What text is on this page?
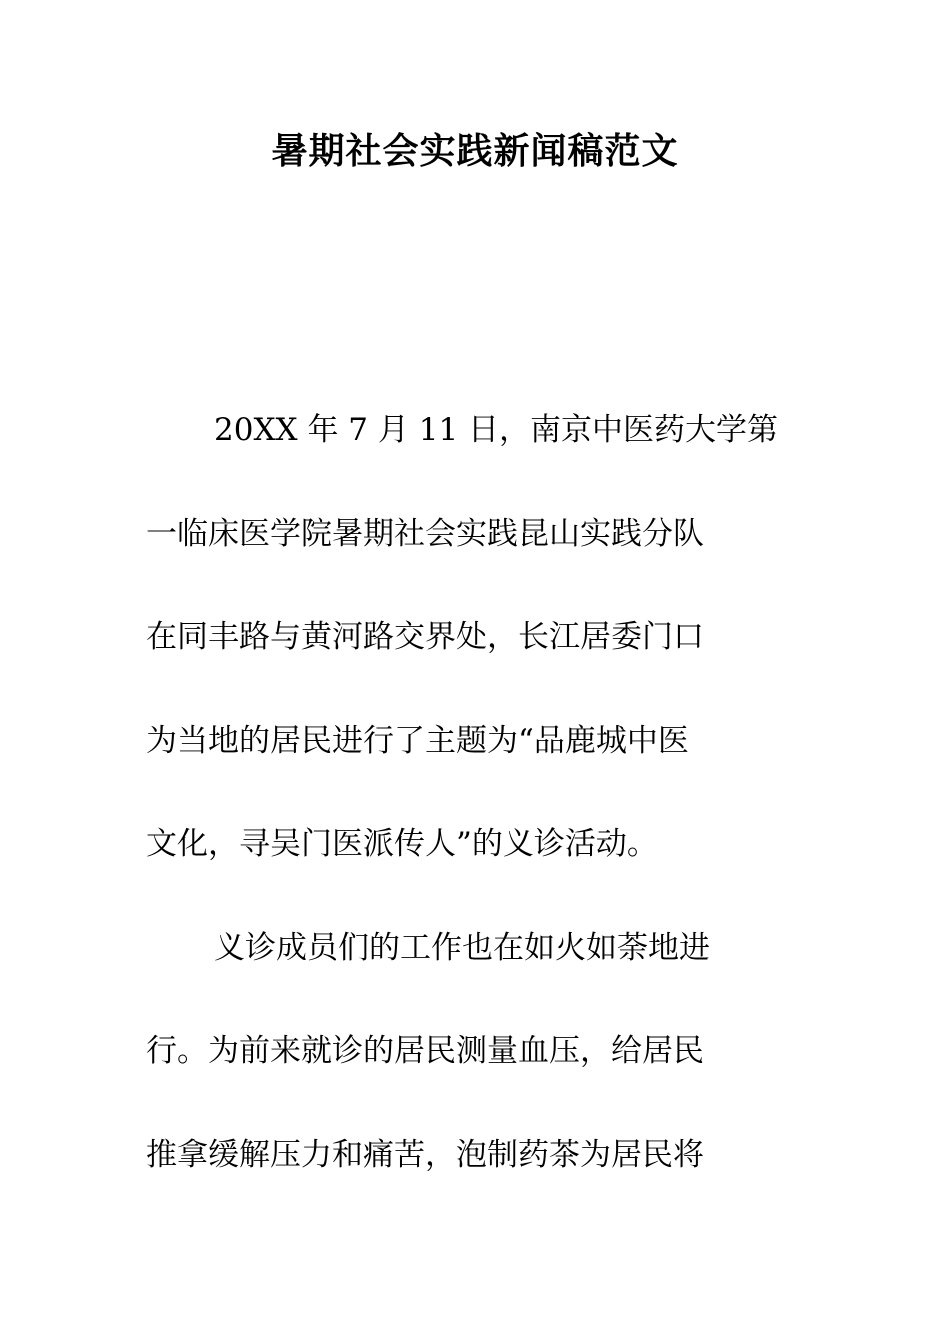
暑期社会实践新闻稿范文
20XX 年 7 月 11 日，南京中医药大学第
一临床医学院暑期社会实践昆山实践分队
在同丰路与黄河路交界处，长江居委门口
为当地的居民进行了主题为“品鹿城中医
文化，寻吴门医派传人”的义诊活动。
义诊成员们的工作也在如火如荼地进
行。为前来就诊的居民测量血压，给居民
推拿缓解压力和痛苦，泡制药茶为居民将
